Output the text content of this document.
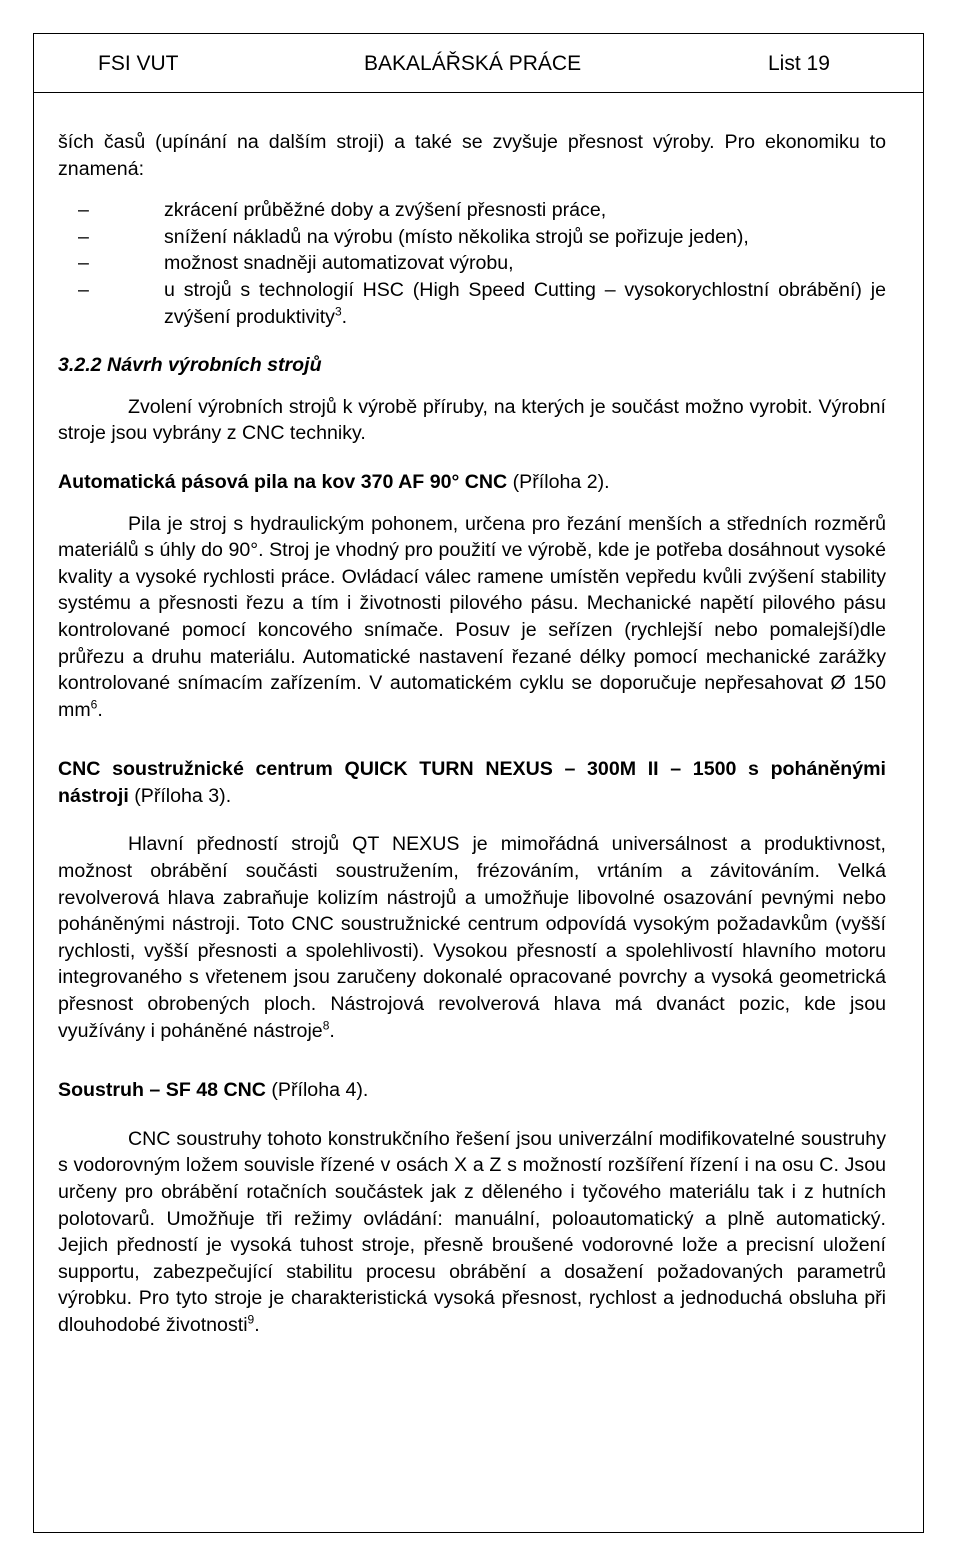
FSI VUT	BAKALÁŘSKÁ PRÁCE	List 19

ších časů (upínání na dalším stroji) a také se zvyšuje přesnost výroby. Pro ekonomiku to znamená:

– zkrácení průběžné doby a zvýšení přesnosti práce,
– snížení nákladů na výrobu (místo několika strojů se pořizuje jeden),
– možnost snadněji automatizovat výrobu,
– u strojů s technologií HSC (High Speed Cutting – vysokorychlostní obrábění) je zvýšení produktivity$^3$.
3.2.2 Návrh výrobních strojů

Zvolení výrobních strojů k výrobě příruby, na kterých je součást možno vyrobit. Výrobní stroje jsou vybrány z CNC techniky.

Automatická pásová pila na kov 370 AF 90° CNC (Příloha 2).

Pila je stroj s hydraulickým pohonem, určena pro řezání menších a středních rozměrů materiálů s úhly do 90°. Stroj je vhodný pro použití ve výrobě, kde je potřeba dosáhnout vysoké kvality a vysoké rychlosti práce. Ovládací válec ramene umístěn vepředu kvůli zvýšení stability systému a přesnosti řezu a tím i životnosti pilového pásu. Mechanické napětí pilového pásu kontrolované pomocí koncového snímače. Posuv je seřízen (rychlejší nebo pomalejší)dle průřezu a druhu materiálu. Automatické nastavení řezané délky pomocí mechanické zarážky kontrolované snímacím zařízením. V automatickém cyklu se doporučuje nepřesahovat Ø 150 $mm^6$.

CNC soustružnické centrum QUICK TURN NEXUS – 300M II – 1500 s poháněnými nástroji (Příloha 3).

Hlavní předností strojů QT NEXUS je mimořádná universálnost a produktivnost, možnost obrábění součásti soustružením, frézováním, vrtáním a závitováním. Velká revolverová hlava zabraňuje kolizím nástrojů a umožňuje libovolné osazování pevnými nebo poháněnými nástroji. Toto CNC soustružnické centrum odpovídá vysokým požadavkům (vyšší rychlosti, vyšší přesnosti a spolehlivosti). Vysokou přesností a spolehlivostí hlavního motoru integrovaného s vřetenem jsou zaručeny dokonalé opracované povrchy a vysoká geometrická přesnost obrobených ploch. Nástrojová revolverová hlava má dvanáct pozic, kde jsou využívány i poháněné nástroje$^8$.

Soustruh – SF 48 CNC (Příloha 4).

CNC soustruhy tohoto konstrukčního řešení jsou univerzální modifikovatelné soustruhy s vodorovným ložem souvisle řízené v osách X a Z s možností rozšíření řízení i na osu C. Jsou určeny pro obrábění rotačních součástek jak z děleného i tyčového materiálu tak i z hutních polotovarů. Umožňuje tři režimy ovládání: manuální, poloautomatický a plně automatický. Jejich předností je vysoká tuhost stroje, přesně broušené vodorovné lože a precisní uložení supportu, zabezpečující stabilitu procesu obrábění a dosažení požadovaných parametrů výrobku. Pro tyto stroje je charakteristická vysoká přesnost, rychlost a jednoduchá obsluha při dlouhodobé životnosti$^9$.
